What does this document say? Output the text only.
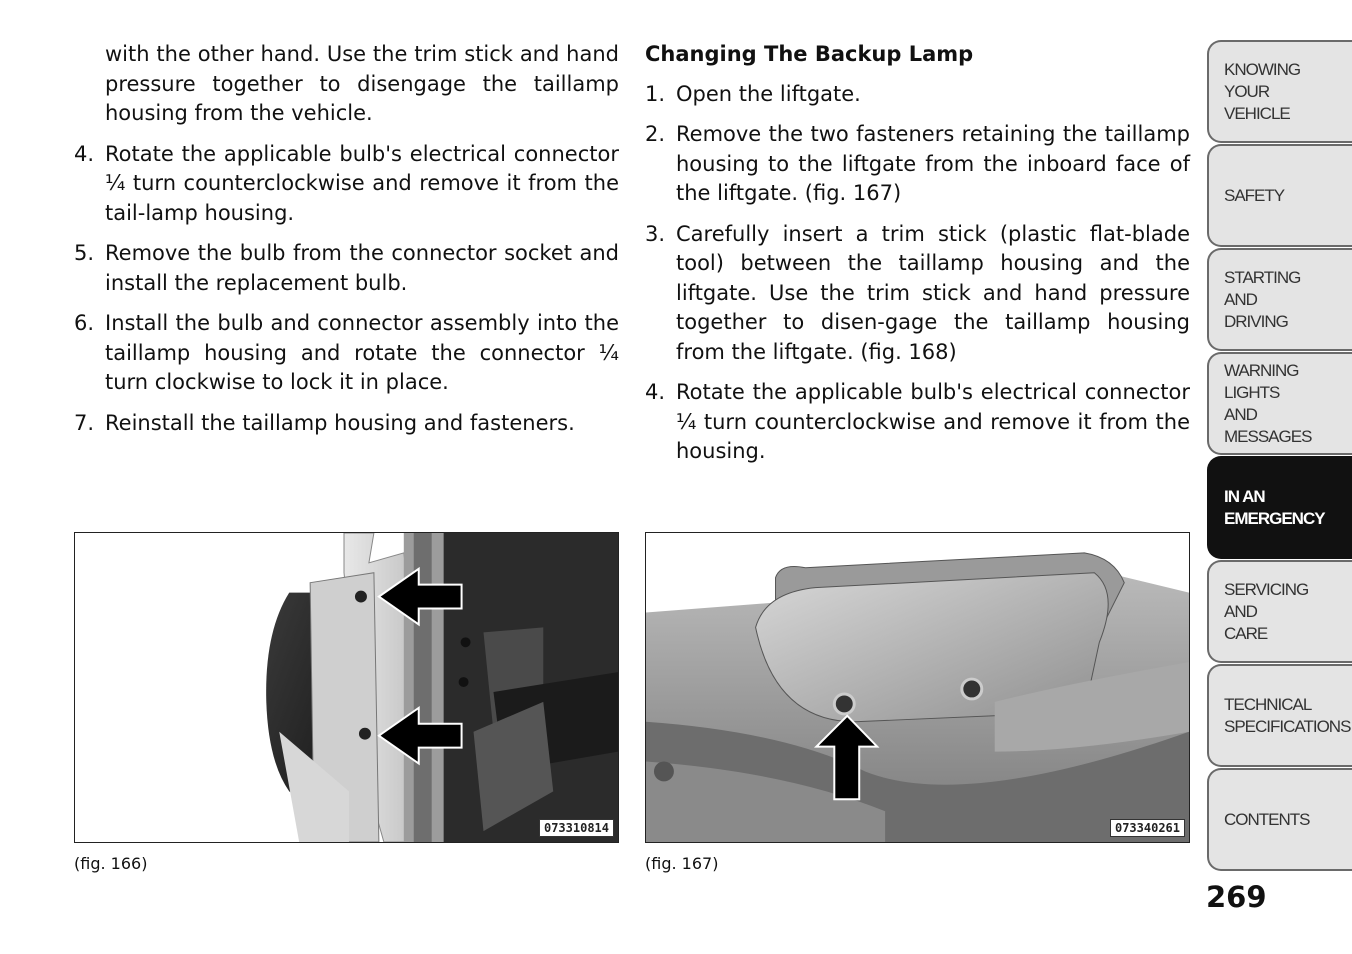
with the other hand. Use the trim stick and hand pressure together to disengage the taillamp housing from the vehicle.

4. Rotate the applicable bulb's electrical connector ¼ turn counterclockwise and remove it from the tail-lamp housing.
5. Remove the bulb from the connector socket and install the replacement bulb.
6. Install the bulb and connector assembly into the taillamp housing and rotate the connector ¼ turn clockwise to lock it in place.
7. Reinstall the taillamp housing and fasteners.

Changing The Backup Lamp

1. Open the liftgate.
2. Remove the two fasteners retaining the taillamp housing to the liftgate from the inboard face of the liftgate. (fig. 167)
3. Carefully insert a trim stick (plastic flat-blade tool) between the taillamp housing and the liftgate. Use the trim stick and hand pressure together to disen-gage the taillamp housing from the liftgate. (fig. 168)
4. Rotate the applicable bulb's electrical connector ¼ turn counterclockwise and remove it from the housing.
073310814	073340261
(fig. 166)	(fig. 167)
KNOWING
YOUR
VEHICLE
SAFETY
STARTING
AND
DRIVING
WARNING
LIGHTS
AND
MESSAGES
IN AN
EMERGENCY
SERVICING
AND
CARE
TECHNICAL
SPECIFICATIONS
CONTENTS
269
